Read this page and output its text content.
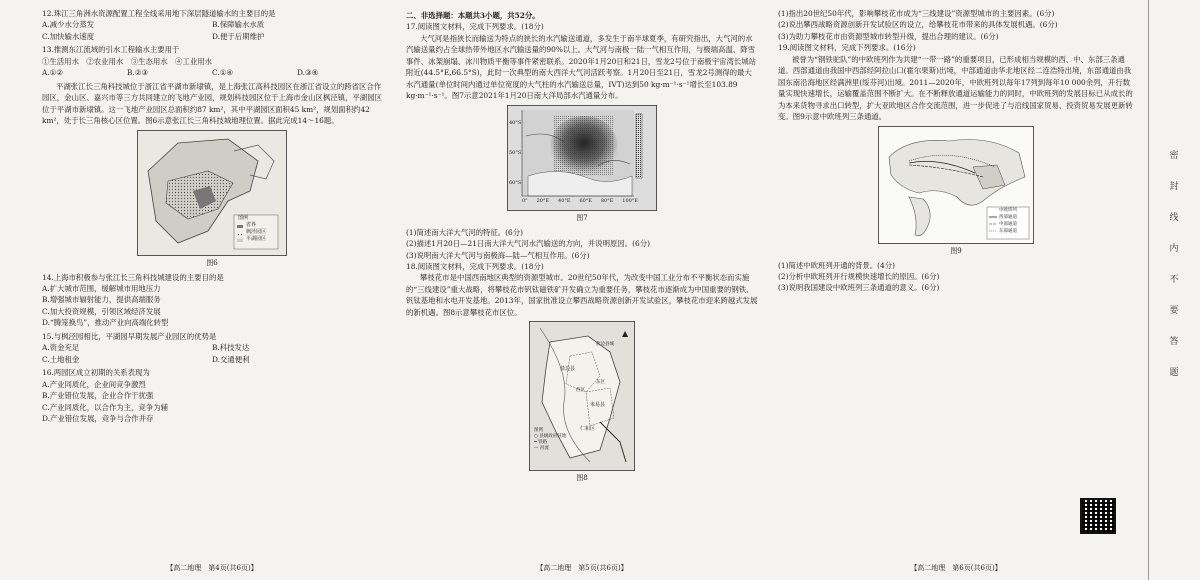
12.珠江三角洲水资源配置工程全线采用地下深层隧道输水的主要目的是
A.减少水分蒸发	B.保障输水水质
C.加快输水速度	D.便于后期维护
13.推测东江流域的引水工程输水主要用于
①生活用水　②农业用水　③生态用水　④工业用水
A.①②	B.②③	C.①④	D.③④
平湖张江长三角科技城位于浙江省平湖市新埭镇，是上海张江高科技园区在浙江省设立的跨省区合作园区，金山区、嘉兴市等三方共同建立的飞地产业园，规划科技园区位于上海市金山区枫泾镇，平湖园区位于平湖市新埭镇。这一飞地产业园区总面积约87 km²，其中平湖园区面积45 km²，规划面积约42 km²，处于长三角核心区位置。图6示意张江长三角科技城地理位置。据此完成14～16题。
图例
省界
枫泾园区
平湖园区
图6
14.上海市积极参与张江长三角科技城建设的主要目的是
A.扩大城市范围，缓解城市用地压力
B.增强城市辐射能力，提供高端服务
C.加大投资规模，引领区域经济发展
D.“腾笼换鸟”，推动产业向高端化转型
15.与枫泾园相比，平湖园早期发展产业园区的优势是
A.资金充足	B.科技发达
C.土地租金	D.交通便利
16.两园区成立初期的关系表现为
A.产业同质化，企业间竞争激烈
B.产业错位发展，企业合作干扰强
C.产业同质化，以合作为主，竞争为辅
D.产业错位发展，竞争与合作并存
【高二地理　第4页(共6页)】
二、非选择题：本题共3小题，共52分。
17.阅读图文材料，完成下列要求。(18分)
大气河是指狭长而输送为特点的狭长的水汽输送通道，多发生于南半球夏季，有研究指出，大气河的水汽输送量约占全球热带外地区水汽输送量的90%以上。大气河与南极一陆一气相互作用，与极端高温、降雪事件、冰架崩塌、冰川物质平衡等事件紧密联系。2020年1月20日和21日，雪龙2号位于南极宇宙湾长城站附近(44.5°E,66.5°S)，此时一次典型的南大西洋大气河活跃考察。1月20日至21日，雪龙2号测得的最大水汽通量(单位时间内通过单位宽度的大气柱的水汽输送总量，IVT)达到50 kg·m⁻¹·s⁻¹增长至103.89 kg·m⁻¹·s⁻¹。图7示意2021年1月20日南大洋局部水汽通量分布。
40°S
50°S
60°S
0° 20°E 40°E 60°E 80°E 100°E
图7
(1)简述南大洋大气河的特征。(6分)
(2)描述1月20日—21日南大洋大气河水汽输送的方向，并说明原因。(6分)
(3)说明南大洋大气河与南极海—陆—气相互作用。(6分)
18.阅读图文材料，完成下列要求。(18分)
攀枝花市是中国西南地区典型的资源型城市。20世纪50年代，为改变中国工业分布不平衡状态而实施的“三线建设”重大战略，将攀枝花市钒钛磁铁矿开发确立为重要任务，攀枝花市逐渐成为中国重要的钢铁、钒钛基地和水电开发基地。2013年，国家批准设立攀西战略资源创新开发试验区，攀枝花市迎来跨越式发展的新机遇。图8示意攀枝花市区位。
▲
盐边县
米易县
仁和区
西区
东区
盐边县城
图例
○ 县级政府驻地
━ 铁路
— 河流
图8
【高二地理　第5页(共6页)】
(1)指出20世纪50年代，影响攀枝花市成为“三线建设”资源型城市的主要因素。(6分)
(2)说出攀西战略资源创新开发试验区的设立，给攀枝花市带来的具体发展机遇。(6分)
(3)为助力攀枝花市由资源型城市转型升级，提出合理的建议。(6分)
19.阅读图文材料，完成下列要求。(16分)
被誉为“钢铁驼队”的中欧班列作为共建“一带一路”的重要项目，已形成相当规模的西、中、东部三条通道。西部通道由我国中西部经阿拉山口(霍尔果斯)出境，中部通道由华北地区经二连浩特出境，东部通道由我国东南沿海地区经满洲里(绥芬河)出境。2011—2020年，中欧班列以每年17列到每年10 000余列，开行数量实现快速增长，运输覆盖范围不断扩大。在不断释放通道运输能力的同时，中欧班列的发展目标已从成长的为本来货物寻求出口转型，扩大亚欧地区合作交流范围，进一步促进了与沿线国家贸易、投资贸易发展更新转变。图9示意中欧班列三条通道。
中欧班列
西部通道
中部通道
东部通道
图9
(1)简述中欧班列开通的背景。(4分)
(2)分析中欧班列开行规模快速增长的原因。(6分)
(3)说明我国建设中欧班列三条通道的意义。(6分)
【高二地理　第6页(共6页)】
密
封
线
内
不
要
答
题
